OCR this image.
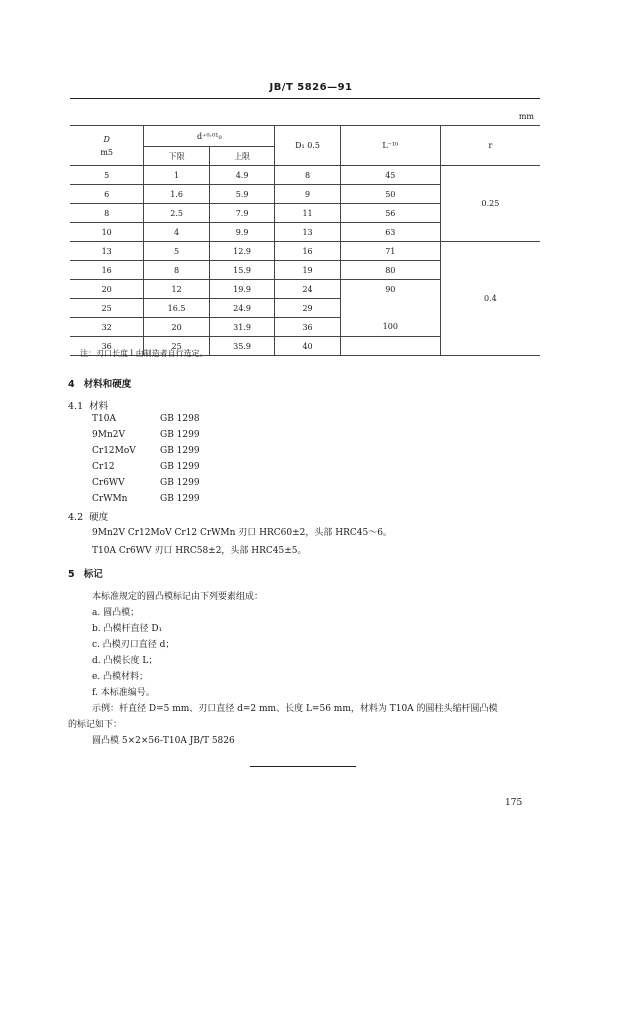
JB/T 5826—91
mm
D
m5	d⁺⁰·⁰¹₀		D₁ 0.5	L⁻¹⁰	r
	下限	上限			
5	1	4.9	8	45	0.25
6	1.6	5.9	9	50	
8	2.5	7.9	11	56	
10	4	9.9	13	63	
13	5	12.9	16	71	0.4
16	8	15.9	19	80	
20	12	19.9	24	90	
25	16.5	24.9	29		
32	20	31.9	36	100	
36	25	35.9	40		
注：刃口长度 l 由制造者自行选定。
4 材料和硬度
4.1 材料
T10A	GB 1298
9Mn2V	GB 1299
Cr12MoV	GB 1299
Cr12	GB 1299
Cr6WV	GB 1299
CrWMn	GB 1299
4.2 硬度
9Mn2V Cr12MoV Cr12 CrWMn 刃口 HRC60±2，头部 HRC45～6。
T10A Cr6WV 刃口 HRC58±2，头部 HRC45±5。
5 标记
本标准规定的圆凸模标记由下列要素组成：
a. 圆凸模；
b. 凸模杆直径 D₁
c. 凸模刃口直径 d；
d. 凸模长度 L；
e. 凸模材料；
f. 本标准编号。
示例：杆直径 D=5 mm、刃口直径 d=2 mm、长度 L=56 mm，材料为 T10A 的圆柱头缩杆圆凸模
的标记如下：
圆凸模 5×2×56-T10A JB/T 5826
175
